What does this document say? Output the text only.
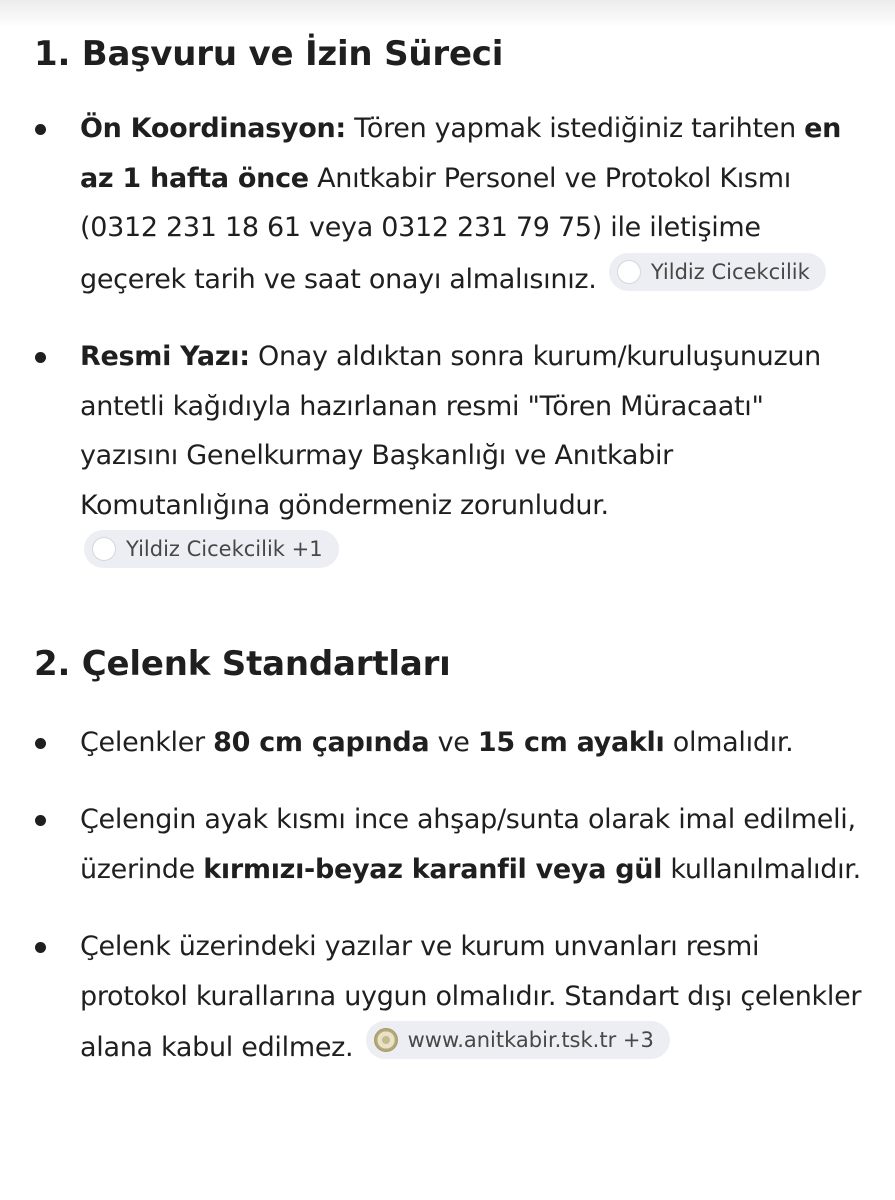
1. Başvuru ve İzin Süreci
Ön Koordinasyon: Tören yapmak istediğiniz tarihten en az 1 hafta önce Anıtkabir Personel ve Protokol Kısmı (0312 231 18 61 veya 0312 231 79 75) ile iletişime geçerek tarih ve saat onayı almalısınız.	Yildiz Cicekcilik
Resmi Yazı: Onay aldıktan sonra kurum/kuruluşunuzun antetli kağıdıyla hazırlanan resmi "Tören Müracaatı" yazısını Genelkurmay Başkanlığı ve Anıtkabir Komutanlığına göndermeniz zorunludur.
Yildiz Cicekcilik +1
2. Çelenk Standartları
Çelenkler 80 cm çapında ve 15 cm ayaklı olmalıdır.
Çelengin ayak kısmı ince ahşap/sunta olarak imal edilmeli, üzerinde kırmızı-beyaz karanfil veya gül kullanılmalıdır.
Çelenk üzerindeki yazılar ve kurum unvanları resmi protokol kurallarına uygun olmalıdır. Standart dışı çelenkler alana kabul edilmez.	www.anitkabir.tsk.tr +3
